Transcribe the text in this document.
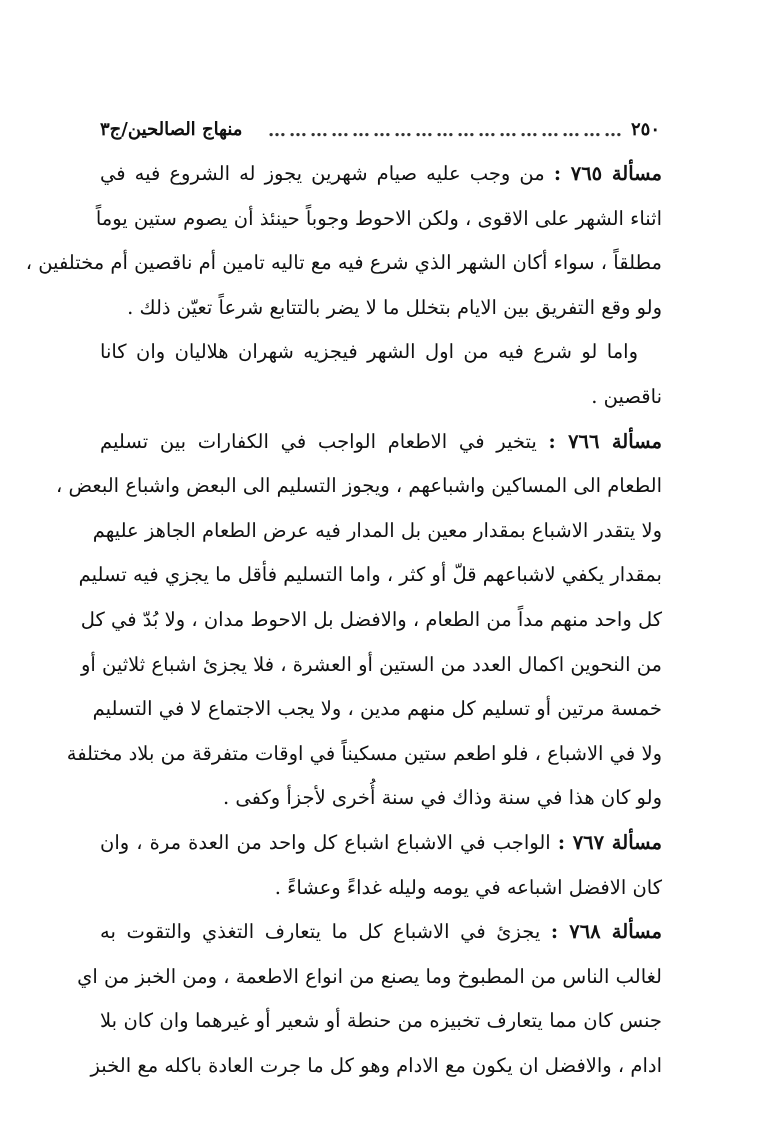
٢٥٠
……………………………………………
منهاج الصالحين/ج٣
مسألة ٧٦٥ : من وجب عليه صيام شهرين يجوز له الشروع فيه في
اثناء الشهر على الاقوى ، ولكن الاحوط وجوباً حينئذ أن يصوم ستين يوماً
مطلقاً ، سواء أكان الشهر الذي شرع فيه مع تاليه تامين أم ناقصين أم مختلفين ،
ولو وقع التفريق بين الايام بتخلل ما لا يضر بالتتابع شرعاً تعيّن ذلك .
واما لو شرع فيه من اول الشهر فيجزيه شهران هلاليان وان كانا
ناقصين .
مسألة ٧٦٦ : يتخير في الاطعام الواجب في الكفارات بين تسليم
الطعام الى المساكين واشباعهم ، ويجوز التسليم الى البعض واشباع البعض ،
ولا يتقدر الاشباع بمقدار معين بل المدار فيه عرض الطعام الجاهز عليهم
بمقدار يكفي لاشباعهم قلّ أو كثر ، واما التسليم فأقل ما يجزي فيه تسليم
كل واحد منهم مداً من الطعام ، والافضل بل الاحوط مدان ، ولا بُدّ في كل
من النحوين اكمال العدد من الستين أو العشرة ، فلا يجزئ اشباع ثلاثين أو
خمسة مرتين أو تسليم كل منهم مدين ، ولا يجب الاجتماع لا في التسليم
ولا في الاشباع ، فلو اطعم ستين مسكيناً في اوقات متفرقة من بلاد مختلفة
ولو كان هذا في سنة وذاك في سنة أُخرى لأجزأ وكفى .
مسألة ٧٦٧ : الواجب في الاشباع اشباع كل واحد من العدة مرة ، وان
كان الافضل اشباعه في يومه وليله غداءً وعشاءً .
مسألة ٧٦٨ : يجزئ في الاشباع كل ما يتعارف التغذي والتقوت به
لغالب الناس من المطبوخ وما يصنع من انواع الاطعمة ، ومن الخبز من اي
جنس كان مما يتعارف تخبيزه من حنطة أو شعير أو غيرهما وان كان بلا
ادام ، والافضل ان يكون مع الادام وهو كل ما جرت العادة باكله مع الخبز
